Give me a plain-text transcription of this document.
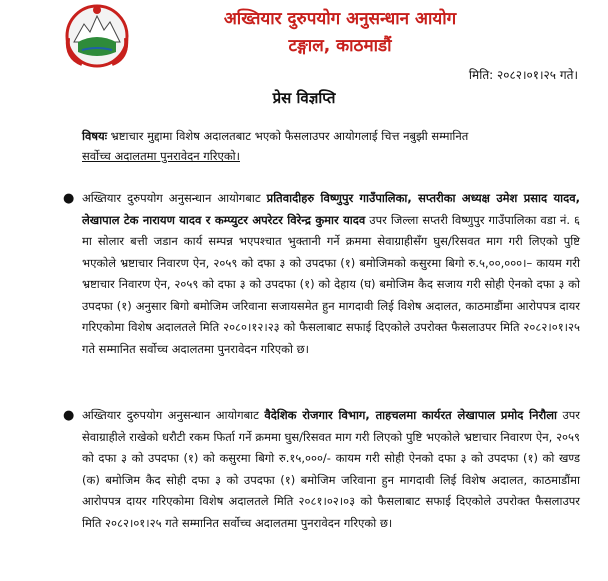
अख्तियार दुरुपयोग अनुसन्धान आयोग
टङ्गाल, काठमाडौं
मिति: २०८२।०१।२५ गते।
प्रेस विज्ञप्ति
विषयः भ्रष्टाचार मुद्दामा विशेष अदालतबाट भएको फैसलाउपर आयोगलाई चित्त नबुझी सम्मानित
सर्वोच्च अदालतमा पुनरावेदन गरिएको।
● अख्तियार दुरुपयोग अनुसन्धान आयोगबाट प्रतिवादीहरु विष्णुपुर गाउँपालिका, सप्तरीका अध्यक्ष उमेश प्रसाद यादव, लेखापाल टेक नारायण यादव र कम्प्युटर अपरेटर विरेन्द्र कुमार यादव उपर जिल्ला सप्तरी विष्णुपुर गाउँपालिका वडा नं. ६ मा सोलार बत्ती जडान कार्य सम्पन्न भएपश्चात भुक्तानी गर्ने क्रममा सेवाग्राहीसँग घुस/रिसवत माग गरी लिएको पुष्टि भएकोले भ्रष्टाचार निवारण ऐन, २०५९ को दफा ३ को उपदफा (१) बमोजिमको कसुरमा बिगो रु.५,००,०००।– कायम गरी भ्रष्टाचार निवारण ऐन, २०५९ को दफा ३ को उपदफा (१) को देहाय (घ) बमोजिम कैद सजाय गरी सोही ऐनको दफा ३ को उपदफा (१) अनुसार बिगो बमोजिम जरिवाना सजायसमेत हुन मागदावी लिई विशेष अदालत, काठमाडौंमा आरोपपत्र दायर गरिएकोमा विशेष अदालतले मिति २०८०।१२।२३ को फैसलाबाट सफाई दिएकोले उपरोक्त फैसलाउपर मिति २०८२।०१।२५ गते सम्मानित सर्वोच्च अदालतमा पुनरावेदन गरिएको छ।
● अख्तियार दुरुपयोग अनुसन्धान आयोगबाट वैदेशिक रोजगार विभाग, ताहचलमा कार्यरत लेखापाल प्रमोद निरौला उपर सेवाग्राहीले राखेको धरौटी रकम फिर्ता गर्ने क्रममा घुस/रिसवत माग गरी लिएको पुष्टि भएकोले भ्रष्टाचार निवारण ऐन, २०५९ को दफा ३ को उपदफा (१) को कसुरमा बिगो रु.१५,०००/- कायम गरी सोही ऐनको दफा ३ को उपदफा (१) को खण्ड (क) बमोजिम कैद सोही दफा ३ को उपदफा (१) बमोजिम जरिवाना हुन मागदावी लिई विशेष अदालत, काठमाडौंमा आरोपपत्र दायर गरिएकोमा विशेष अदालतले मिति २०८१।०२।०३ को फैसलाबाट सफाई दिएकोले उपरोक्त फैसलाउपर मिति २०८२।०१।२५ गते सम्मानित सर्वोच्च अदालतमा पुनरावेदन गरिएको छ।
